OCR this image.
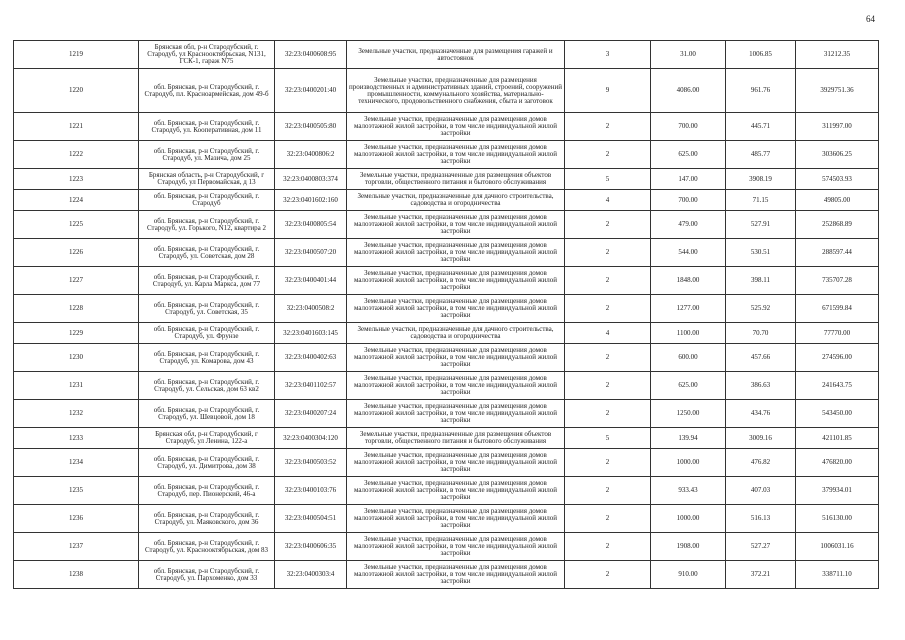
64
1219	Брянская обл, р-н Стародубский, г. Стародуб, ул Краснооктябрьская, N131, ГСК-1, гараж N75	32:23:0400608:95	Земельные участки, предназначенные для размещения гаражей и автостоянок	3	31.00	1006.85	31212.35
1220	обл. Брянская, р-н Стародубский, г. Стародуб, пл. Красноармейская, дом 49-б	32:23:0400201:40	Земельные участки, предназначенные для размещения производственных и административных зданий, строений, сооружений промышленности, коммунального хозяйства, материально-технического, продовольственного снабжения, сбыта и заготовок	9	4086.00	961.76	3929751.36
1221	обл. Брянская, р-н Стародубский, г. Стародуб, ул. Кооперативная, дом 11	32:23:0400505:80	Земельные участки, предназначенные для размещения домов малоэтажной жилой застройки, в том числе индивидуальной жилой застройки	2	700.00	445.71	311997.00
1222	обл. Брянская, р-н Стародубский, г. Стародуб, ул. Мазича, дом 25	32:23:0400806:2	Земельные участки, предназначенные для размещения домов малоэтажной жилой застройки, в том числе индивидуальной жилой застройки	2	625.00	485.77	303606.25
1223	Брянская область, р-н Стародубский, г Стародуб, ул Первомайская, д 13	32:23:0400803:374	Земельные участки, предназначенные для размещения объектов торговли, общественного питания и бытового обслуживания	5	147.00	3908.19	574503.93
1224	обл. Брянская, р-н Стародубский, г. Стародуб	32:23:0401602:160	Земельные участки, предназначенные для дачного строительства, садоводства и огородничества	4	700.00	71.15	49805.00
1225	обл. Брянская, р-н Стародубский, г. Стародуб, ул. Горького, N12, квартира 2	32:23:0400805:54	Земельные участки, предназначенные для размещения домов малоэтажной жилой застройки, в том числе индивидуальной жилой застройки	2	479.00	527.91	252868.89
1226	обл. Брянская, р-н Стародубский, г. Стародуб, ул. Советская, дом 28	32:23:0400507:20	Земельные участки, предназначенные для размещения домов малоэтажной жилой застройки, в том числе индивидуальной жилой застройки	2	544.00	530.51	288597.44
1227	обл. Брянская, р-н Стародубский, г. Стародуб, ул. Карла Маркса, дом 77	32:23:0400401:44	Земельные участки, предназначенные для размещения домов малоэтажной жилой застройки, в том числе индивидуальной жилой застройки	2	1848.00	398.11	735707.28
1228	обл. Брянская, р-н Стародубский, г. Стародуб, ул. Советская, 35	32:23:0400508:2	Земельные участки, предназначенные для размещения домов малоэтажной жилой застройки, в том числе индивидуальной жилой застройки	2	1277.00	525.92	671599.84
1229	обл. Брянская, р-н Стародубский, г. Стародуб, ул. Фрунзе	32:23:0401603:145	Земельные участки, предназначенные для дачного строительства, садоводства и огородничества	4	1100.00	70.70	77770.00
1230	обл. Брянская, р-н Стародубский, г. Стародуб, ул. Комарова, дом 43	32:23:0400402:63	Земельные участки, предназначенные для размещения домов малоэтажной жилой застройки, в том числе индивидуальной жилой застройки	2	600.00	457.66	274596.00
1231	обл. Брянская, р-н Стародубский, г. Стародуб, ул. Сельская, дом 63 кв2	32:23:0401102:57	Земельные участки, предназначенные для размещения домов малоэтажной жилой застройки, в том числе индивидуальной жилой застройки	2	625.00	386.63	241643.75
1232	обл. Брянская, р-н Стародубский, г. Стародуб, ул. Шевцовой, дом 18	32:23:0400207:24	Земельные участки, предназначенные для размещения домов малоэтажной жилой застройки, в том числе индивидуальной жилой застройки	2	1250.00	434.76	543450.00
1233	Брянская обл, р-н Стародубский, г Стародуб, ул Ленина, 122-а	32:23:0400304:120	Земельные участки, предназначенные для размещения объектов торговли, общественного питания и бытового обслуживания	5	139.94	3009.16	421101.85
1234	обл. Брянская, р-н Стародубский, г. Стародуб, ул. Димитрова, дом 38	32:23:0400503:52	Земельные участки, предназначенные для размещения домов малоэтажной жилой застройки, в том числе индивидуальной жилой застройки	2	1000.00	476.82	476820.00
1235	обл. Брянская, р-н Стародубский, г. Стародуб, пер. Пионерский, 46-а	32:23:0400103:76	Земельные участки, предназначенные для размещения домов малоэтажной жилой застройки, в том числе индивидуальной жилой застройки	2	933.43	407.03	379934.01
1236	обл. Брянская, р-н Стародубский, г. Стародуб, ул. Маяковского, дом 36	32:23:0400504:51	Земельные участки, предназначенные для размещения домов малоэтажной жилой застройки, в том числе индивидуальной жилой застройки	2	1000.00	516.13	516130.00
1237	обл. Брянская, р-н Стародубский, г. Стародуб, ул. Краснооктябрьская, дом 83	32:23:0400606:35	Земельные участки, предназначенные для размещения домов малоэтажной жилой застройки, в том числе индивидуальной жилой застройки	2	1908.00	527.27	1006031.16
1238	обл. Брянская, р-н Стародубский, г. Стародуб, ул. Пархоменко, дом 33	32:23:0400303:4	Земельные участки, предназначенные для размещения домов малоэтажной жилой застройки, в том числе индивидуальной жилой застройки	2	910.00	372.21	338711.10
